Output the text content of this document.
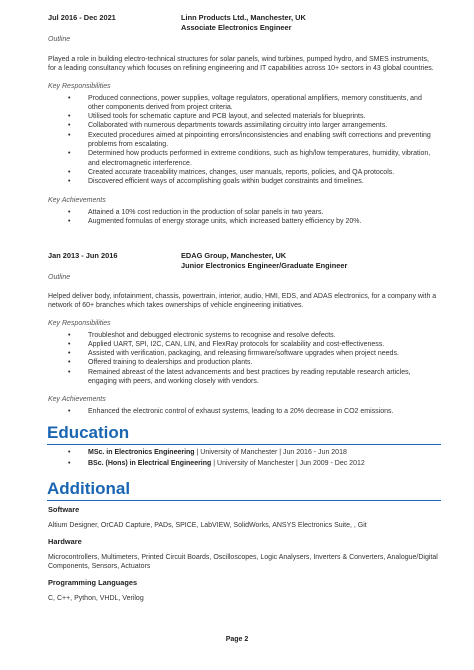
Jul 2016 - Dec 2021	Linn Products Ltd., Manchester, UK
Associate Electronics Engineer

Outline

Played a role in building electro-technical structures for solar panels, wind turbines, pumped hydro, and SMES instruments, for a leading consultancy which focuses on refining engineering and IT capabilities across 10+ sectors in 43 global countries.

Key Responsibilities

• Produced connections, power supplies, voltage regulators, operational amplifiers, memory constituents, and other components derived from project criteria.
• Utilised tools for schematic capture and PCB layout, and selected materials for blueprints.
• Collaborated with numerous departments towards assimilating circuitry into larger arrangements.
• Executed procedures aimed at pinpointing errors/inconsistencies and enabling swift corrections and preventing problems from escalating.
• Determined how products performed in extreme conditions, such as high/low temperatures, humidity, vibration, and electromagnetic interference.
• Created accurate traceability matrices, changes, user manuals, reports, policies, and QA protocols.
• Discovered efficient ways of accomplishing goals within budget constraints and timelines.

Key Achievements

• Attained a 10% cost reduction in the production of solar panels in two years.
• Augmented formulas of energy storage units, which increased battery efficiency by 20%.
Jan 2013 - Jun 2016	EDAG Group, Manchester, UK
Junior Electronics Engineer/Graduate Engineer

Outline

Helped deliver body, infotainment, chassis, powertrain, interior, audio, HMI, EDS, and ADAS electronics, for a company with a network of 60+ branches which takes ownerships of vehicle engineering initiatives.

Key Responsibilities

• Troubleshot and debugged electronic systems to recognise and resolve defects.
• Applied UART, SPI, I2C, CAN, LIN, and FlexRay protocols for scalability and cost-effectiveness.
• Assisted with verification, packaging, and releasing firmware/software upgrades when project needs.
• Offered training to dealerships and production plants.
• Remained abreast of the latest advancements and best practices by reading reputable research articles, engaging with peers, and working closely with vendors.

Key Achievements

• Enhanced the electronic control of exhaust systems, leading to a 20% decrease in CO2 emissions.
Education
• MSc. in Electronics Engineering | University of Manchester | Jun 2016 - Jun 2018
• BSc. (Hons) in Electrical Engineering | University of Manchester | Jun 2009 - Dec 2012
Additional
Software

Altium Designer, OrCAD Capture, PADs, SPICE, LabVIEW, SolidWorks, ANSYS Electronics Suite, , Git

Hardware

Microcontrollers, Multimeters, Printed Circuit Boards, Oscilloscopes, Logic Analysers, Inverters & Converters, Analogue/Digital Components, Sensors, Actuators

Programming Languages

C, C++, Python, VHDL, Verilog

Page 2
